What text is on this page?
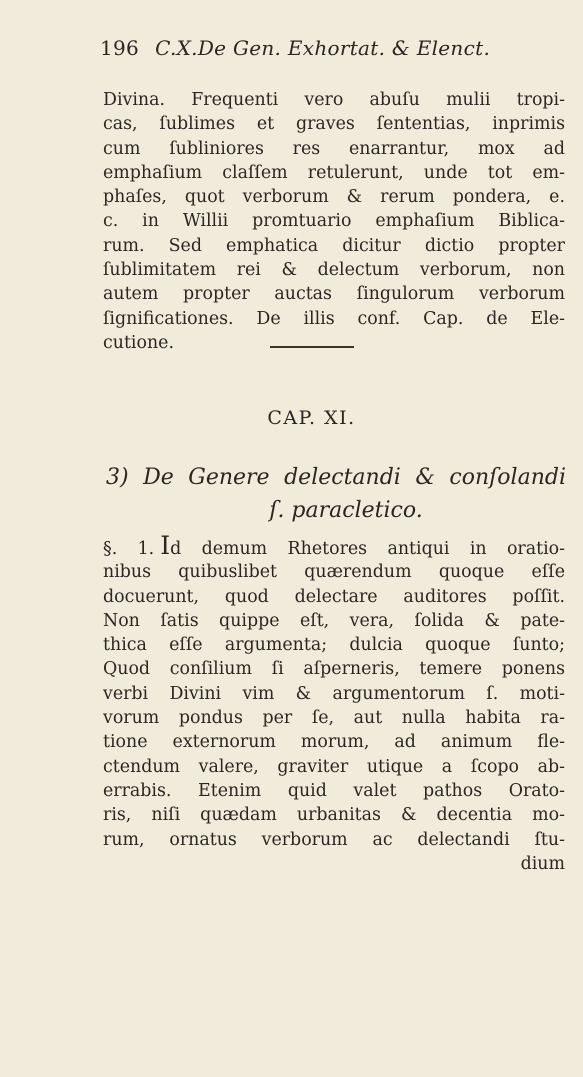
196 C.X.De Gen. Exhortat. & Elenct.
Divina. Frequenti vero abuſu mulii tropi-
cas, ſublimes et graves ſententias, inprimis
cum ſubliniores res enarrantur, mox ad
emphaſium claſſem retulerunt, unde tot em-
phaſes, quot verborum & rerum pondera, e.
c. in Willii promtuario emphaſium Biblica-
rum. Sed emphatica dicitur dictio propter
ſublimitatem rei & delectum verborum, non
autem propter auctas ſingulorum verborum
ſignificationes. De illis conf. Cap. de Ele-
cutione.
CAP. XI.
3) De Genere delectandi & conſolandi
ſ. paracletico.
§. 1. Id demum Rhetores antiqui in oratio-
nibus quibuslibet quærendum quoque eſſe
docuerunt, quod delectare auditores poſſit.
Non ſatis quippe eſt, vera, ſolida & pate-
thica eſſe argumenta; dulcia quoque ſunto;
Quod conſilium ſi aſperneris, temere ponens
verbi Divini vim & argumentorum ſ. moti-
vorum pondus per ſe, aut nulla habita ra-
tione externorum morum, ad animum fle-
ctendum valere, graviter utique a ſcopo ab-
errabis. Etenim quid valet pathos Orato-
ris, niſi quædam urbanitas & decentia mo-
rum, ornatus verborum ac delectandi ſtu-
dium
